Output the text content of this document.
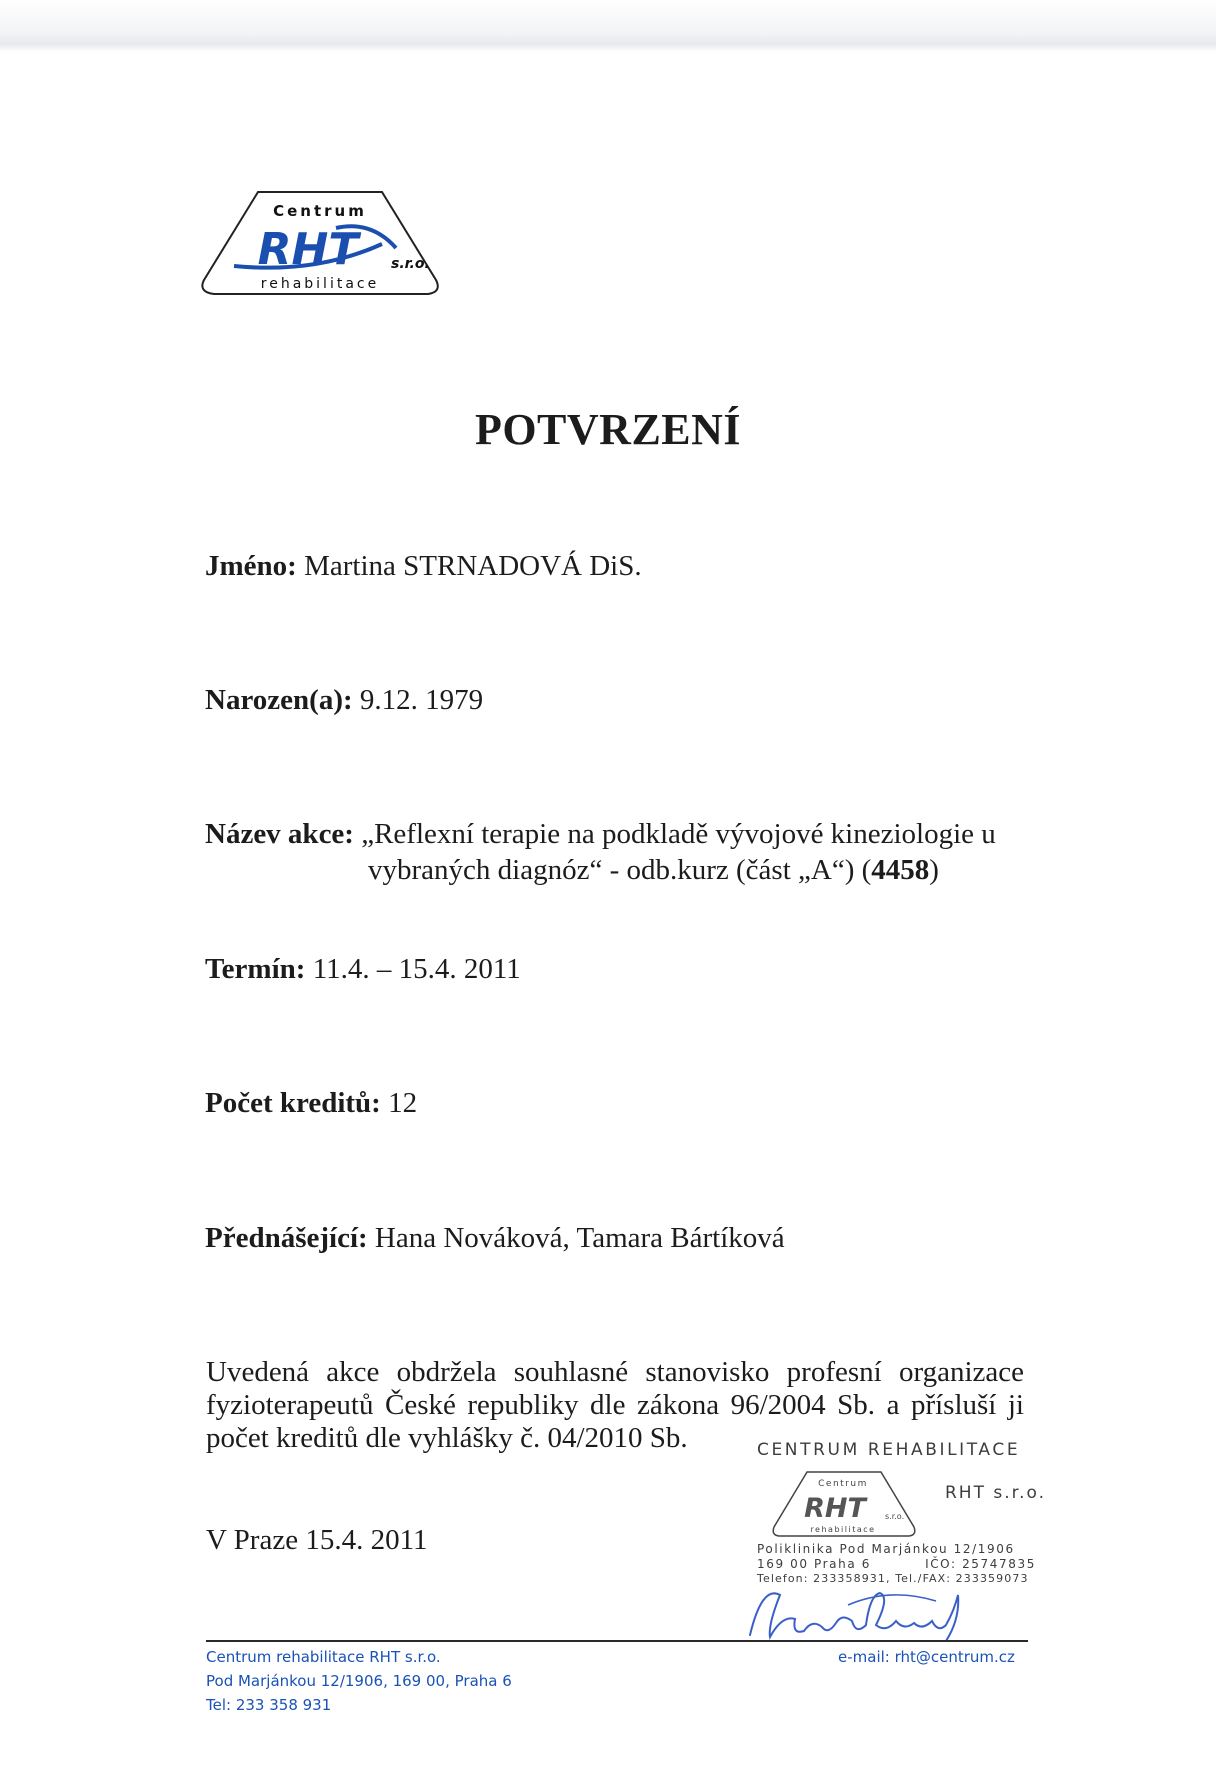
Centrum
RHT s.r.o.
rehabilitace
POTVRZENÍ
Jméno: Martina STRNADOVÁ DiS.
Narozen(a): 9.12. 1979
Název akce: „Reflexní terapie na podkladě vývojové kineziologie u
vybraných diagnóz“ - odb.kurz (část „A“) (4458)
Termín: 11.4. – 15.4. 2011
Počet kreditů: 12
Přednášející: Hana Nováková, Tamara Bártíková
Uvedená akce obdržela souhlasné stanovisko profesní organizace
fyzioterapeutů České republiky dle zákona 96/2004 Sb. a přísluší ji
počet kreditů dle vyhlášky č. 04/2010 Sb.
V Praze 15.4. 2011
CENTRUM REHABILITACE
Centrum
RHT	s.r.o.
rehabilitace
RHT s.r.o.
Poliklinika Pod Marjánkou 12/1906
169 00 Praha 6          IČO: 25747835
Telefon: 233358931, Tel./FAX: 233359073
Centrum rehabilitace RHT s.r.o.
Pod Marjánkou 12/1906, 169 00, Praha 6
Tel: 233 358 931
e-mail: rht@centrum.cz
